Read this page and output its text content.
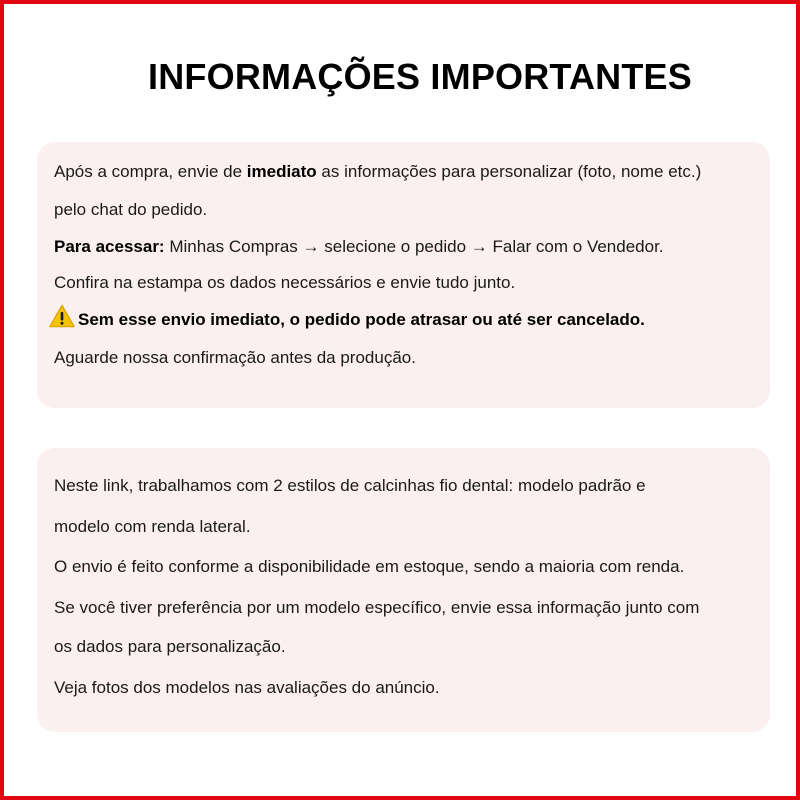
INFORMAÇÕES IMPORTANTES
Após a compra, envie de imediato as informações para personalizar (foto, nome etc.)
pelo chat do pedido.
Para acessar: Minhas Compras → selecione o pedido → Falar com o Vendedor.
Confira na estampa os dados necessários e envie tudo junto.
Sem esse envio imediato, o pedido pode atrasar ou até ser cancelado.
Aguarde nossa confirmação antes da produção.
Neste link, trabalhamos com 2 estilos de calcinhas fio dental: modelo padrão e
modelo com renda lateral.
O envio é feito conforme a disponibilidade em estoque, sendo a maioria com renda.
Se você tiver preferência por um modelo específico, envie essa informação junto com
os dados para personalização.
Veja fotos dos modelos nas avaliações do anúncio.
